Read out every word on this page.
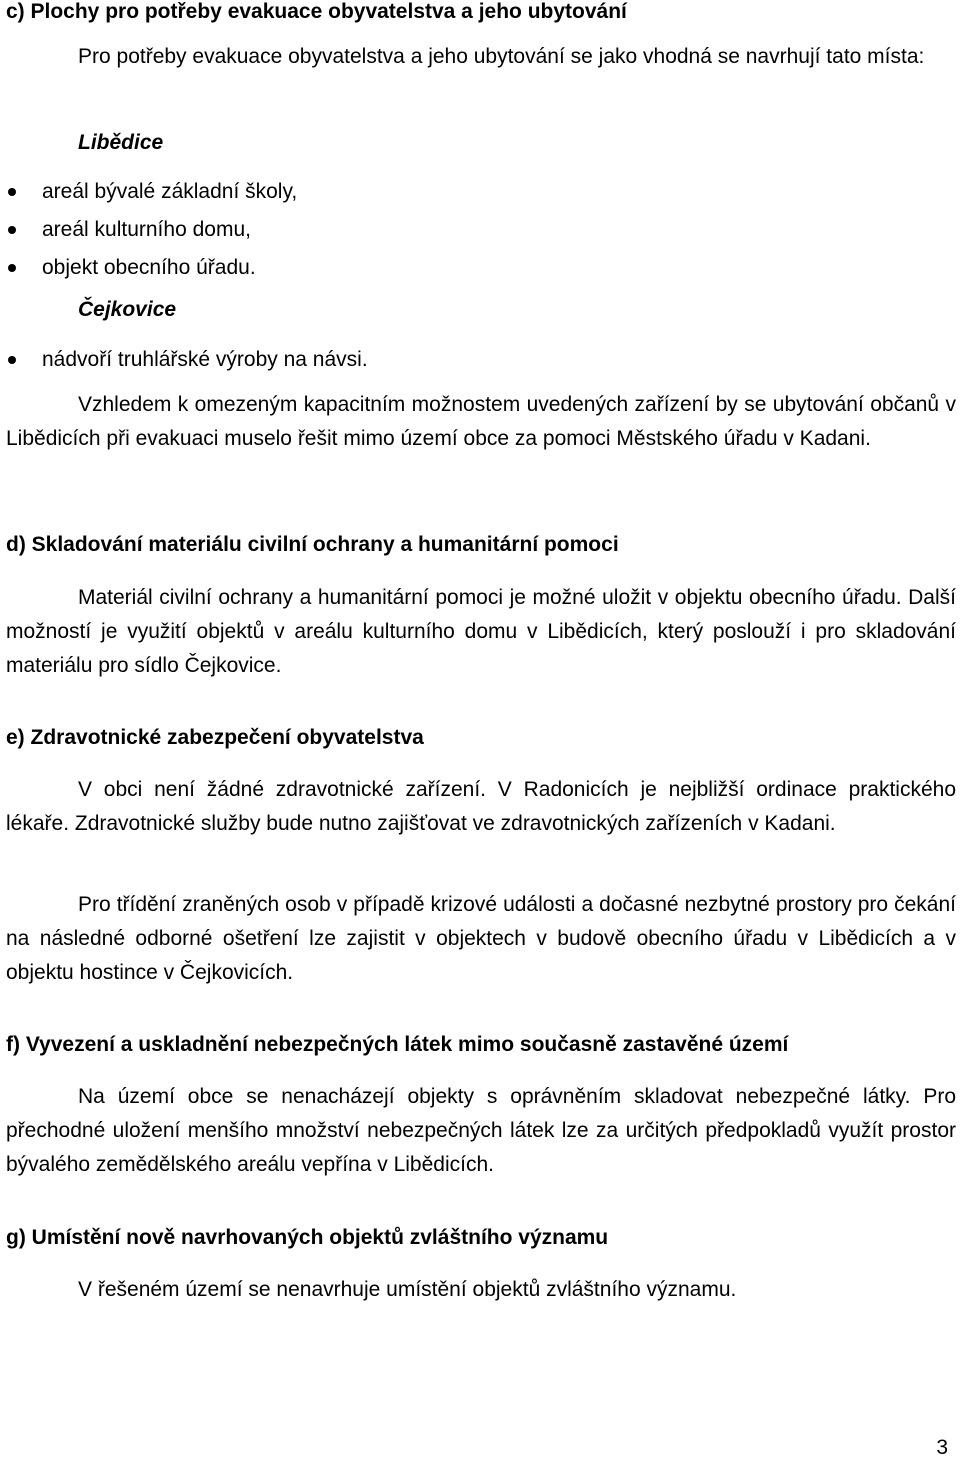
c) Plochy pro potřeby evakuace obyvatelstva a jeho ubytování

Pro potřeby evakuace obyvatelstva a jeho ubytování se jako vhodná se navrhují tato místa:

Libědice

areál bývalé základní školy,
areál kulturního domu,
objekt obecního úřadu.

Čejkovice

nádvoří truhlářské výroby na návsi.

Vzhledem k omezeným kapacitním možnostem uvedených zařízení by se ubytování občanů v Libědicích při evakuaci muselo řešit mimo území obce za pomoci Městského úřadu v Kadani.

d) Skladování materiálu civilní ochrany a humanitární pomoci

Materiál civilní ochrany a humanitární pomoci je možné uložit v objektu obecního úřadu. Další možností je využití objektů v areálu kulturního domu v Libědicích, který poslouží i pro skladování materiálu pro sídlo Čejkovice.

e) Zdravotnické zabezpečení obyvatelstva

V obci není žádné zdravotnické zařízení. V Radonicích je nejbližší ordinace praktického lékaře. Zdravotnické služby bude nutno zajišťovat ve zdravotnických zařízeních v Kadani.

Pro třídění zraněných osob v případě krizové události a dočasné nezbytné prostory pro čekání na následné odborné ošetření lze zajistit v objektech v budově obecního úřadu v Libědicích a v objektu hostince v Čejkovicích.

f) Vyvezení a uskladnění nebezpečných látek mimo současně zastavěné území

Na území obce se nenacházejí objekty s oprávněním skladovat nebezpečné látky. Pro přechodné uložení menšího množství nebezpečných látek lze za určitých předpokladů využít prostor bývalého zemědělského areálu vepřína v Libědicích.

g) Umístění nově navrhovaných objektů zvláštního významu

V řešeném území se nenavrhuje umístění objektů zvláštního významu.

3
